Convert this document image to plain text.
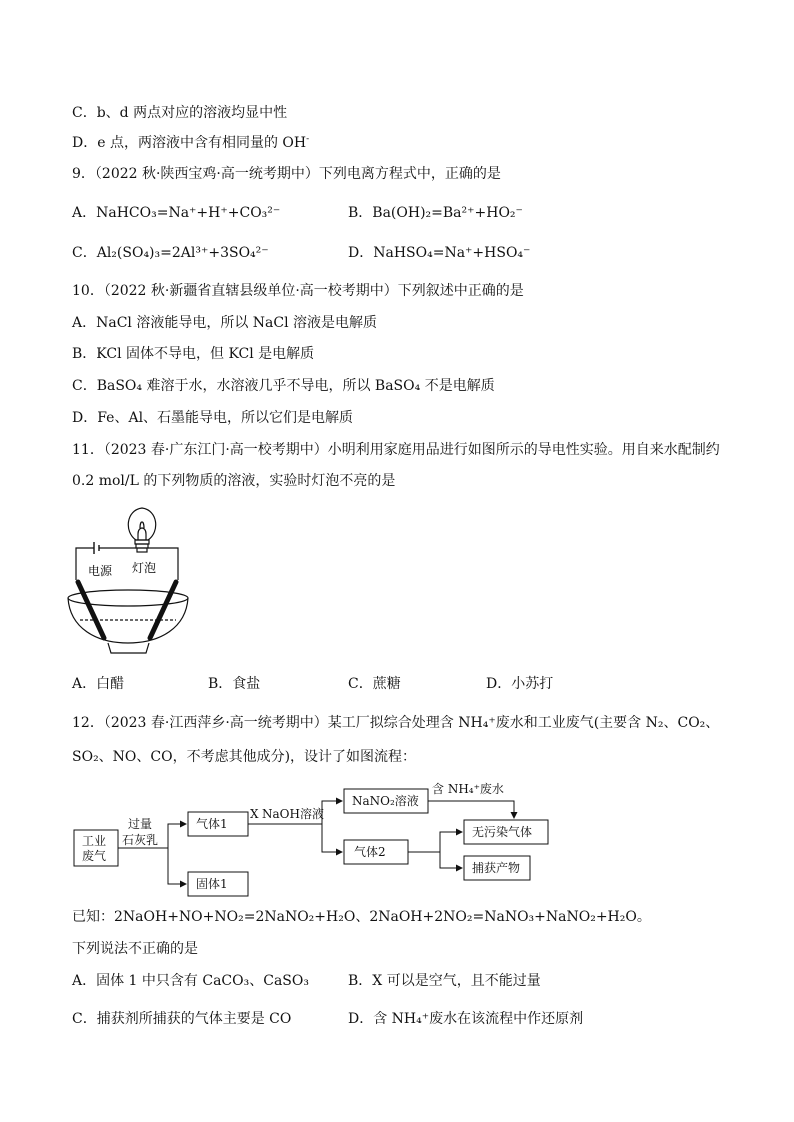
C．b、d 两点对应的溶液均显中性
D．e 点，两溶液中含有相同量的 OH-
9．（2022 秋·陕西宝鸡·高一统考期中）下列电离方程式中，正确的是
A．NaHCO₃=Na⁺+H⁺+CO₃²⁻	B．Ba(OH)₂=Ba²⁺+HO₂⁻
C．Al₂(SO₄)₃=2Al³⁺+3SO₄²⁻	D．NaHSO₄=Na⁺+HSO₄⁻
10．（2022 秋·新疆省直辖县级单位·高一校考期中）下列叙述中正确的是
A．NaCl 溶液能导电，所以 NaCl 溶液是电解质
B．KCl 固体不导电，但 KCl 是电解质
C．BaSO₄ 难溶于水，水溶液几乎不导电，所以 BaSO₄ 不是电解质
D．Fe、Al、石墨能导电，所以它们是电解质
11．（2023 春·广东江门·高一校考期中）小明利用家庭用品进行如图所示的导电性实验。用自来水配制约
0.2 mol/L 的下列物质的溶液，实验时灯泡不亮的是
电源 灯泡
A．白醋	B．食盐	C．蔗糖	D．小苏打
12．（2023 春·江西萍乡·高一统考期中）某工厂拟综合处理含 NH₄⁺废水和工业废气(主要含 N₂、CO₂、
SO₂、NO、CO，不考虑其他成分)，设计了如图流程：
工业
废气
过量
石灰乳
气体1
固体1
X NaOH溶液
NaNO₂溶液
含 NH₄⁺废水
气体2
无污染气体
捕获产物
已知：2NaOH+NO+NO₂=2NaNO₂+H₂O、2NaOH+2NO₂=NaNO₃+NaNO₂+H₂O。
下列说法不正确的是
A．固体 1 中只含有 CaCO₃、CaSO₃	B．X 可以是空气，且不能过量
C．捕获剂所捕获的气体主要是 CO	D．含 NH₄⁺废水在该流程中作还原剂
